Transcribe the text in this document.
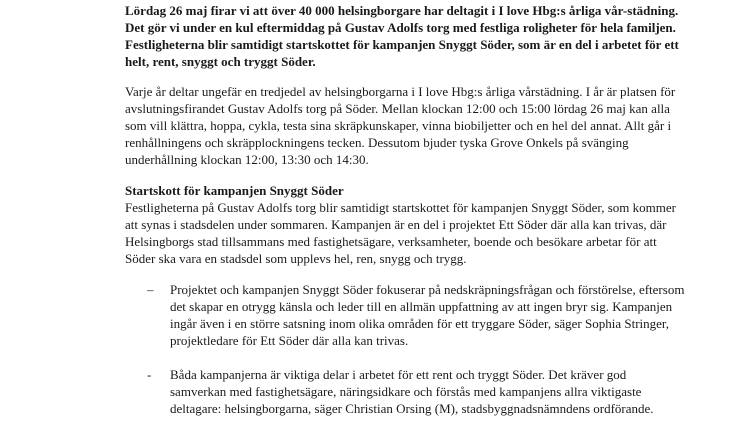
Lördag 26 maj firar vi att över 40 000 helsingborgare har deltagit i I love Hbg:s årliga vår-städning. Det gör vi under en kul eftermiddag på Gustav Adolfs torg med festliga roligheter för hela familjen. Festligheterna blir samtidigt startskottet för kampanjen Snyggt Söder, som är en del i arbetet för ett helt, rent, snyggt och tryggt Söder.

Varje år deltar ungefär en tredjedel av helsingborgarna i I love Hbg:s årliga vårstädning. I år är platsen för avslutningsfirandet Gustav Adolfs torg på Söder. Mellan klockan 12:00 och 15:00 lördag 26 maj kan alla som vill klättra, hoppa, cykla, testa sina skräpkunskaper, vinna biobiljetter och en hel del annat. Allt går i renhållningens och skräpplockningens tecken. Dessutom bjuder tyska Grove Onkels på svänging underhållning klockan 12:00, 13:30 och 14:30.

Startskott för kampanjen Snyggt Söder

Festligheterna på Gustav Adolfs torg blir samtidigt startskottet för kampanjen Snyggt Söder, som kommer att synas i stadsdelen under sommaren. Kampanjen är en del i projektet Ett Söder där alla kan trivas, där Helsingborgs stad tillsammans med fastighetsägare, verksamheter, boende och besökare arbetar för att Söder ska vara en stadsdel som upplevs hel, ren, snygg och trygg.

– Projektet och kampanjen Snyggt Söder fokuserar på nedskräpningsfrågan och förstörelse, eftersom det skapar en otrygg känsla och leder till en allmän uppfattning av att ingen bryr sig. Kampanjen ingår även i en större satsning inom olika områden för ett tryggare Söder, säger Sophia Stringer, projektledare för Ett Söder där alla kan trivas.
- Båda kampanjerna är viktiga delar i arbetet för ett rent och tryggt Söder. Det kräver god samverkan med fastighetsägare, näringsidkare och förstås med kampanjens allra viktigaste deltagare: helsingborgarna, säger Christian Orsing (M), stadsbyggnadsnämndens ordförande.
